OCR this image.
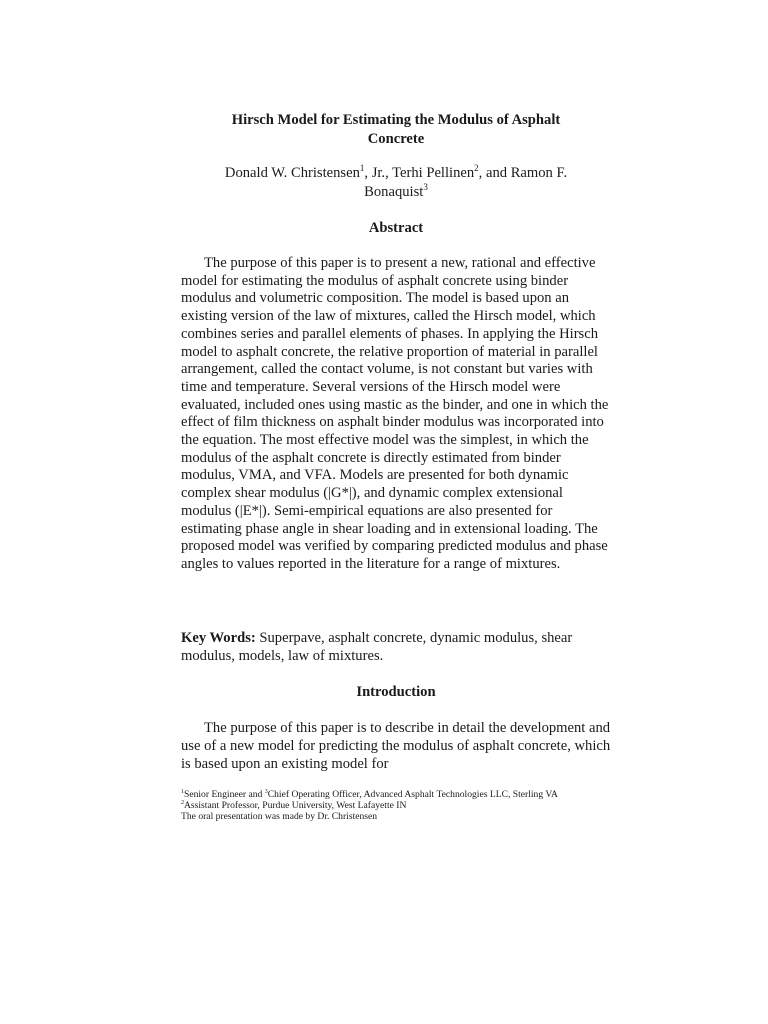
Hirsch Model for Estimating the Modulus of Asphalt
Concrete
Donald W. Christensen$^1$, Jr., Terhi Pellinen$^2$, and Ramon F.
Bonaquist$^3$
Abstract
The purpose of this paper is to present a new, rational and effective model for estimating the modulus of asphalt concrete using binder modulus and volumetric composition. The model is based upon an existing version of the law of mixtures, called the Hirsch model, which combines series and parallel elements of phases. In applying the Hirsch model to asphalt concrete, the relative proportion of material in parallel arrangement, called the contact volume, is not constant but varies with time and temperature. Several versions of the Hirsch model were evaluated, included ones using mastic as the binder, and one in which the effect of film thickness on asphalt binder modulus was incorporated into the equation. The most effective model was the simplest, in which the modulus of the asphalt concrete is directly estimated from binder modulus, VMA, and VFA. Models are presented for both dynamic complex shear modulus (|G*|), and dynamic complex extensional modulus (|E*|). Semi-empirical equations are also presented for estimating phase angle in shear loading and in extensional loading. The proposed model was verified by comparing predicted modulus and phase angles to values reported in the literature for a range of mixtures.
Key Words: Superpave, asphalt concrete, dynamic modulus, shear modulus, models, law of mixtures.
Introduction
The purpose of this paper is to describe in detail the development and use of a new model for predicting the modulus of asphalt concrete, which is based upon an existing model for
$^1$Senior Engineer and $^3$Chief Operating Officer, Advanced Asphalt Technologies LLC, Sterling VA
$^2$Assistant Professor, Purdue University, West Lafayette IN
The oral presentation was made by Dr. Christensen
